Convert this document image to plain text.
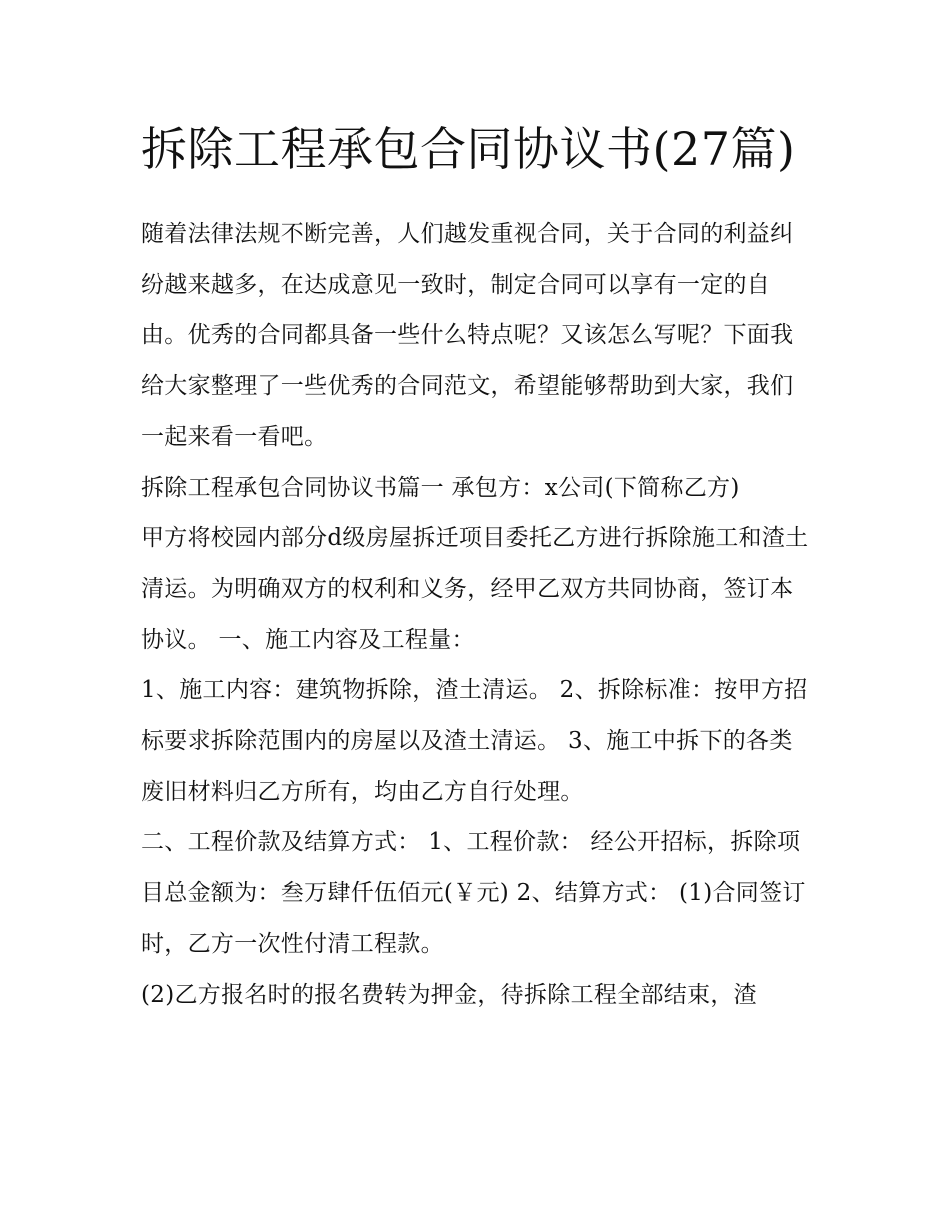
拆除工程承包合同协议书(27篇)

随着法律法规不断完善，人们越发重视合同，关于合同的利益纠纷越来越多，在达成意见一致时，制定合同可以享有一定的自由。优秀的合同都具备一些什么特点呢？又该怎么写呢？下面我给大家整理了一些优秀的合同范文，希望能够帮助到大家，我们一起来看一看吧。

拆除工程承包合同协议书篇一 承包方：x公司(下简称乙方)

甲方将校园内部分d级房屋拆迁项目委托乙方进行拆除施工和渣土清运。为明确双方的权利和义务，经甲乙双方共同协商，签订本协议。 一、施工内容及工程量：

1、施工内容：建筑物拆除，渣土清运。 2、拆除标准：按甲方招标要求拆除范围内的房屋以及渣土清运。 3、施工中拆下的各类废旧材料归乙方所有，均由乙方自行处理。

二、工程价款及结算方式： 1、工程价款： 经公开招标，拆除项目总金额为：叁万肆仟伍佰元(￥元) 2、结算方式： (1)合同签订时，乙方一次性付清工程款。

(2)乙方报名时的报名费转为押金，待拆除工程全部结束，渣
